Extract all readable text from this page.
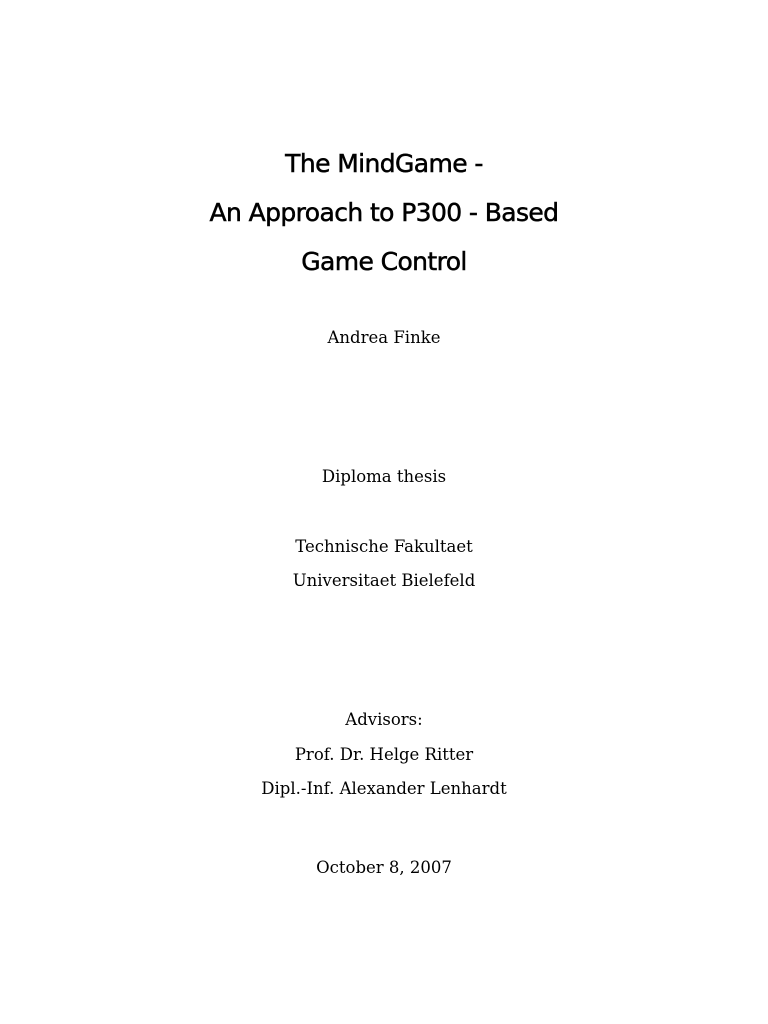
The MindGame -
An Approach to P300 - Based
Game Control
Andrea Finke
Diploma thesis
Technische Fakultaet
Universitaet Bielefeld
Advisors:
Prof. Dr. Helge Ritter
Dipl.-Inf. Alexander Lenhardt
October 8, 2007
